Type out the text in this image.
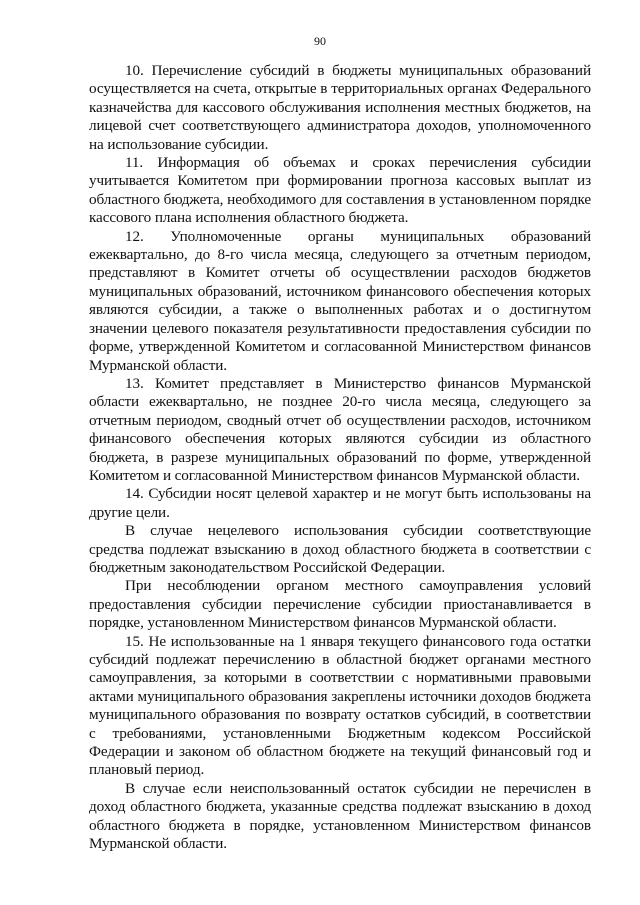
90

10. Перечисление субсидий в бюджеты муниципальных образований осуществляется на счета, открытые в территориальных органах Федерального казначейства для кассового обслуживания исполнения местных бюджетов, на лицевой счет соответствующего администратора доходов, уполномоченного на использование субсидии.

11. Информация об объемах и сроках перечисления субсидии учитывается Комитетом при формировании прогноза кассовых выплат из областного бюджета, необходимого для составления в установленном порядке кассового плана исполнения областного бюджета.

12. Уполномоченные органы муниципальных образований ежеквартально, до 8-го числа месяца, следующего за отчетным периодом, представляют в Комитет отчеты об осуществлении расходов бюджетов муниципальных образований, источником финансового обеспечения которых являются субсидии, а также о выполненных работах и о достигнутом значении целевого показателя результативности предоставления субсидии по форме, утвержденной Комитетом и согласованной Министерством финансов Мурманской области.

13. Комитет представляет в Министерство финансов Мурманской области ежеквартально, не позднее 20-го числа месяца, следующего за отчетным периодом, сводный отчет об осуществлении расходов, источником финансового обеспечения которых являются субсидии из областного бюджета, в разрезе муниципальных образований по форме, утвержденной Комитетом и согласованной Министерством финансов Мурманской области.

14. Субсидии носят целевой характер и не могут быть использованы на другие цели.

В случае нецелевого использования субсидии соответствующие средства подлежат взысканию в доход областного бюджета в соответствии с бюджетным законодательством Российской Федерации.

При несоблюдении органом местного самоуправления условий предоставления субсидии перечисление субсидии приостанавливается в порядке, установленном Министерством финансов Мурманской области.

15. Не использованные на 1 января текущего финансового года остатки субсидий подлежат перечислению в областной бюджет органами местного самоуправления, за которыми в соответствии с нормативными правовыми актами муниципального образования закреплены источники доходов бюджета муниципального образования по возврату остатков субсидий, в соответствии с требованиями, установленными Бюджетным кодексом Российской Федерации и законом об областном бюджете на текущий финансовый год и плановый период.

В случае если неиспользованный остаток субсидии не перечислен в доход областного бюджета, указанные средства подлежат взысканию в доход областного бюджета в порядке, установленном Министерством финансов Мурманской области.
